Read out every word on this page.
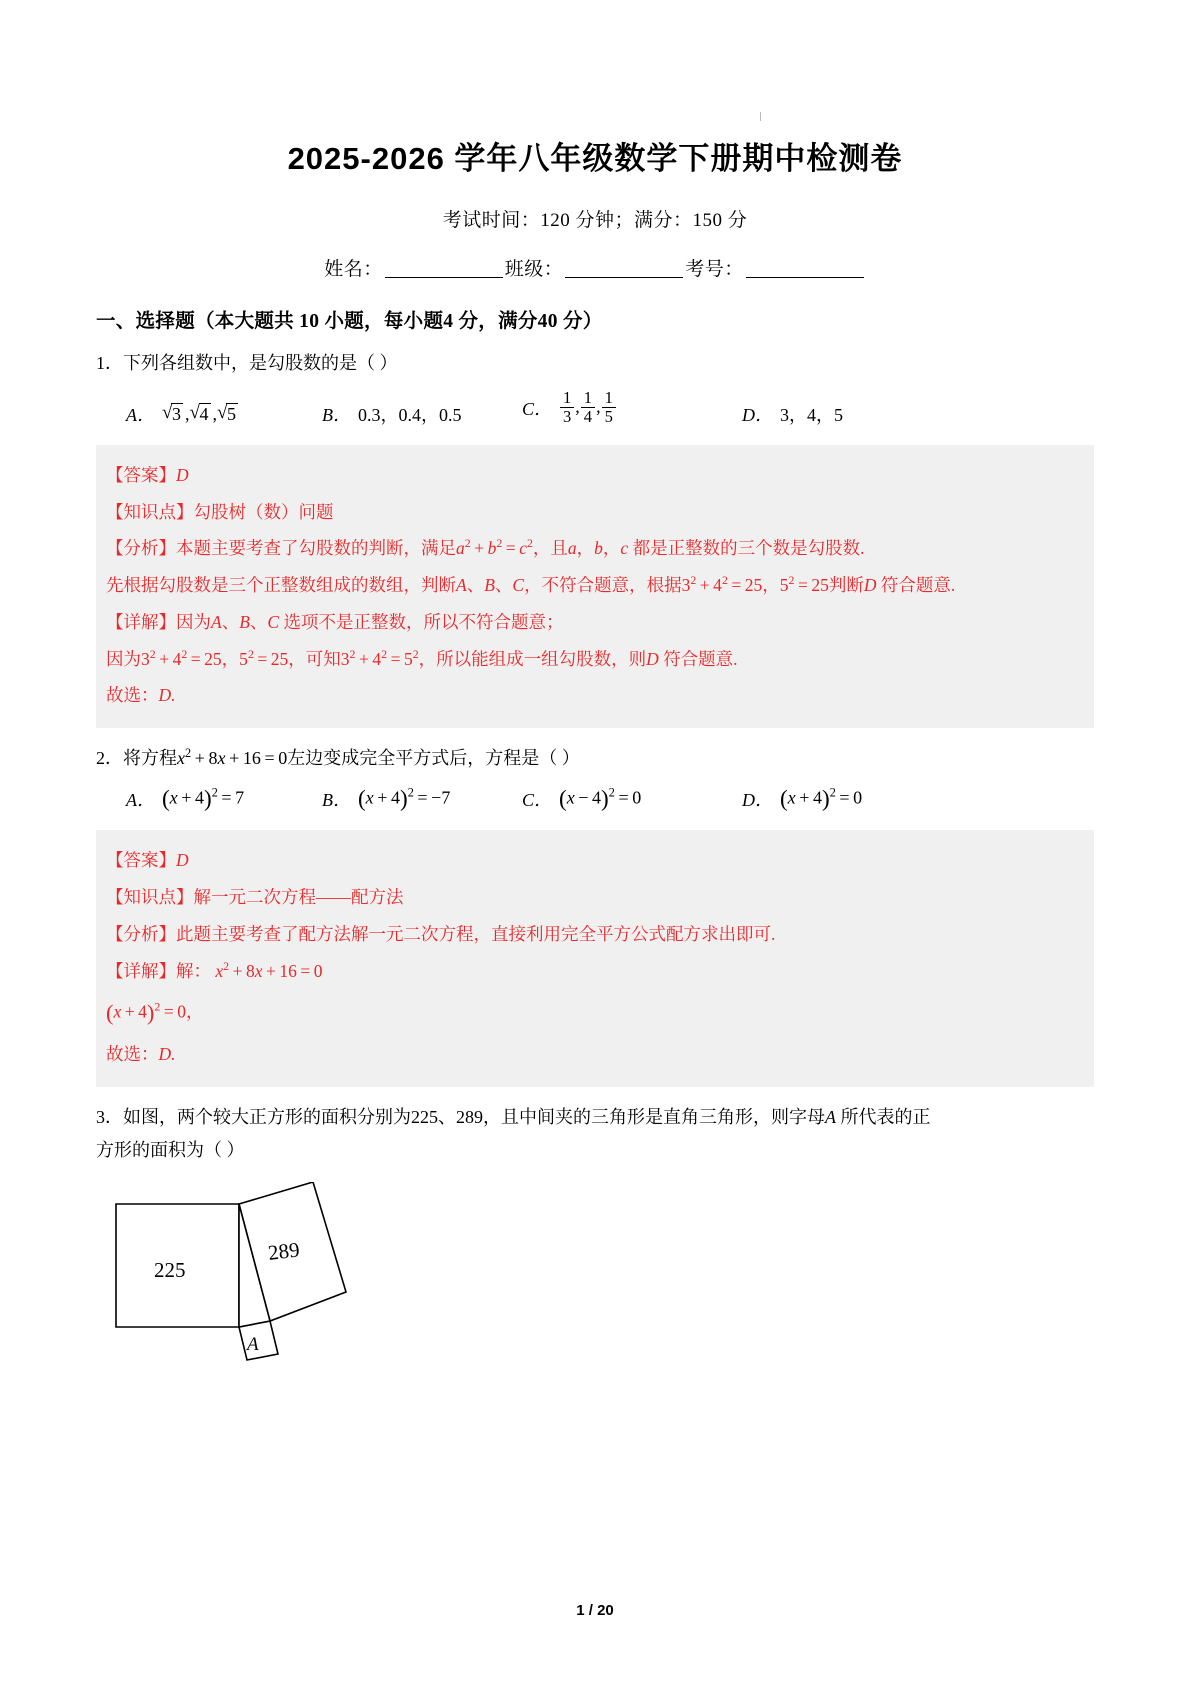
2025-2026 学年八年级数学下册期中检测卷

考试时间：120 分钟；满分：150 分

姓名：	班级：	考号：

一、选择题（本大题共 10 小题，每小题4 分，满分40 分）

1．下列各组数中，是勾股数的是（ ）
A． √ 3 , √ 4 , √ 5	B． 0.3，0.4，0.5	C． $\frac{1}{3}$ , $\frac{1}{4}$ , $\frac{1}{5}$	D． 3，4，5

【答案】D

【知识点】勾股树（数）问题

【分析】本题主要考查了勾股数的判断，满足$a^2 + b^2 = c^2$，且a，b，c 都是正整数的三个数是勾股数.

先根据勾股数是三个正整数组成的数组，判断A、B、C，不符合题意，根据$3^2 + 4^2 = 25$，$5^2 = 25$判断D 符合题意.

【详解】因为A、B、C 选项不是正整数，所以不符合题意；

因为$3^2 + 4^2 = 25$，$5^2 = 25$，可知$3^2 + 4^2 = 5^2$，所以能组成一组勾股数，则D 符合题意.

故选：D.

2．将方程$x^2 + 8x + 16 = 0$左边变成完全平方式后，方程是（ ）
A． $(x + 4)^2 = 7$	B． $(x + 4)^2 = -7$	C． $(x - 4)^2 = 0$	D． $(x + 4)^2 = 0$

【答案】D

【知识点】解一元二次方程——配方法

【分析】此题主要考查了配方法解一元二次方程，直接利用完全平方公式配方求出即可.

【详解】解： $x^2 + 8x + 16 = 0$

$(x + 4)^2 = 0$，

故选：D.

3．如图，两个较大正方形的面积分别为225、289，且中间夹的三角形是直角三角形，则字母A 所代表的正
方形的面积为（ ）
225
289
A
1 / 20
